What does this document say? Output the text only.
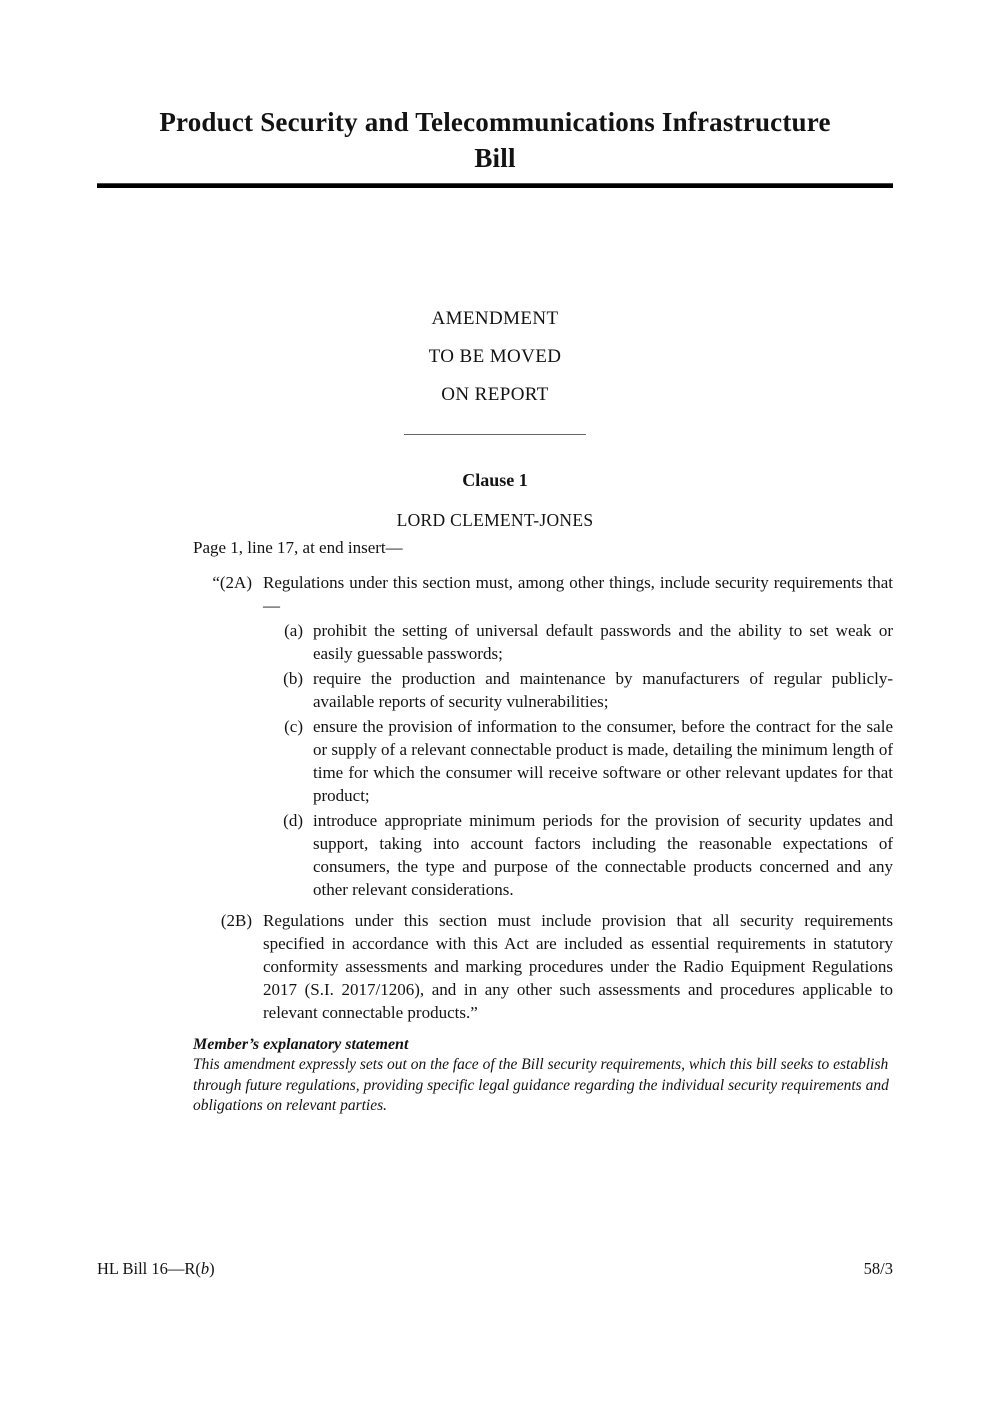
Product Security and Telecommunications Infrastructure
Bill
AMENDMENT
TO BE MOVED
ON REPORT
Clause 1
LORD CLEMENT-JONES

Page 1, line 17, at end insert—

“(2A) Regulations under this section must, among other things, include security requirements that—
(a) prohibit the setting of universal default passwords and the ability to set weak or easily guessable passwords;
(b) require the production and maintenance by manufacturers of regular publicly-available reports of security vulnerabilities;
(c) ensure the provision of information to the consumer, before the contract for the sale or supply of a relevant connectable product is made, detailing the minimum length of time for which the consumer will receive software or other relevant updates for that product;
(d) introduce appropriate minimum periods for the provision of security updates and support, taking into account factors including the reasonable expectations of consumers, the type and purpose of the connectable products concerned and any other relevant considerations.
(2B) Regulations under this section must include provision that all security requirements specified in accordance with this Act are included as essential requirements in statutory conformity assessments and marking procedures under the Radio Equipment Regulations 2017 (S.I. 2017/1206), and in any other such assessments and procedures applicable to relevant connectable products.”
Member’s explanatory statement

This amendment expressly sets out on the face of the Bill security requirements, which this bill seeks to establish through future regulations, providing specific legal guidance regarding the individual security requirements and obligations on relevant parties.

HL Bill 16—R(b)	58/3
